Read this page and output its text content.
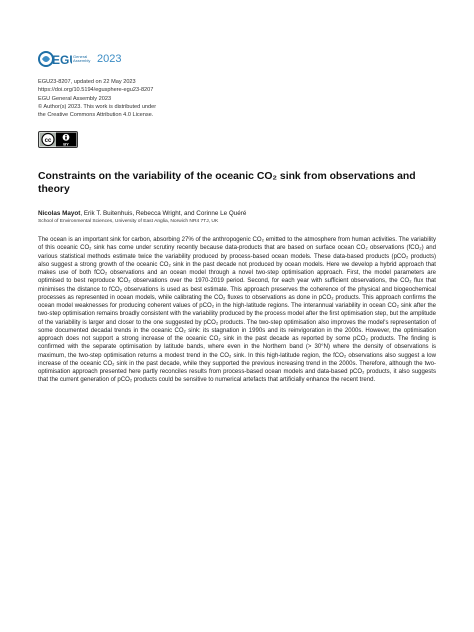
EG General Assembly 2023
EGU23-8207, updated on 22 May 2023
https://doi.org/10.5194/egusphere-egu23-8207
EGU General Assembly 2023
© Author(s) 2023. This work is distributed under
the Creative Commons Attribution 4.0 License.
cc	BY
Constraints on the variability of the oceanic CO₂ sink from observations and theory
Nicolas Mayot, Erik T. Buitenhuis, Rebecca Wright, and Corinne Le Quéré
School of Environmental Sciences, University of East Anglia, Norwich NR4 7TJ, UK
The ocean is an important sink for carbon, absorbing 27% of the anthropogenic CO₂ emitted to the atmosphere from human activities. The variability of this oceanic CO₂ sink has come under scrutiny recently because data-products that are based on surface ocean CO₂ observations (fCO₂) and various statistical methods estimate twice the variability produced by process-based ocean models. These data-based products (pCO₂ products) also suggest a strong growth of the oceanic CO₂ sink in the past decade not produced by ocean models. Here we develop a hybrid approach that makes use of both fCO₂ observations and an ocean model through a novel two-step optimisation approach. First, the model parameters are optimised to best reproduce fCO₂ observations over the 1970-2019 period. Second, for each year with sufficient observations, the CO₂ flux that minimises the distance to fCO₂ observations is used as best estimate. This approach preserves the coherence of the physical and biogeochemical processes as represented in ocean models, while calibrating the CO₂ fluxes to observations as done in pCO₂ products. This approach confirms the ocean model weaknesses for producing coherent values of pCO₂ in the high-latitude regions. The interannual variability in ocean CO₂ sink after the two-step optimisation remains broadly consistent with the variability produced by the process model after the first optimisation step, but the amplitude of the variability is larger and closer to the one suggested by pCO₂ products. The two-step optimisation also improves the model's representation of some documented decadal trends in the oceanic CO₂ sink: its stagnation in 1990s and its reinvigoration in the 2000s. However, the optimisation approach does not support a strong increase of the oceanic CO₂ sink in the past decade as reported by some pCO₂ products. The finding is confirmed with the separate optimisation by latitude bands, where even in the Northern band (> 30°N) where the density of observations is maximum, the two-step optimisation returns a modest trend in the CO₂ sink. In this high-latitude region, the fCO₂ observations also suggest a low increase of the oceanic CO₂ sink in the past decade, while they supported the previous increasing trend in the 2000s. Therefore, although the two-optimisation approach presented here partly reconciles results from process-based ocean models and data-based pCO₂ products, it also suggests that the current generation of pCO₂ products could be sensitive to numerical artefacts that artificially enhance the recent trend.
